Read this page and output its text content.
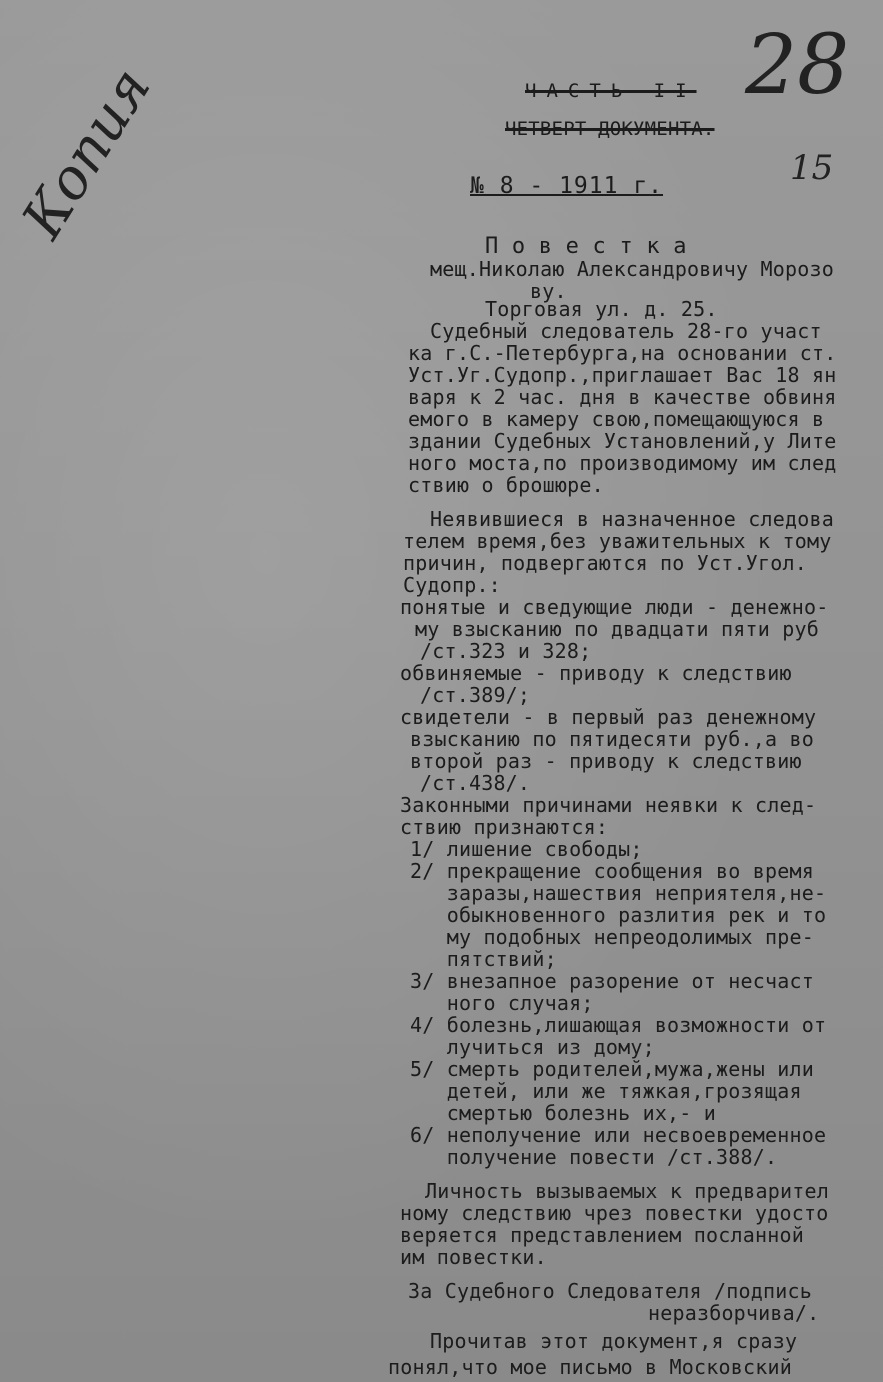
Копия	28
15
ЧАСТЬ II
ЧЕТВЕРТ ДОКУМЕНТА.
№ 8 - 1911 г.
П о в е с т к а
мещ.Николаю Александровичу Морозо
ву.
Торговая ул. д. 25.
Судебный следователь 28-го участ
ка г.С.-Петербурга,на основании ст.
Уст.Уг.Судопр.,приглашает Вас 18 ян
варя к 2 час. дня в качестве обвиня
емого в камеру свою,помещающуюся в
здании Судебных Установлений,у Лите
ного моста,по производимому им след
ствию о брошюре.
Неявившиеся в назначенное следова
телем время,без уважительных к тому
причин, подвергаются по Уст.Угол.
Судопр.:
понятые и сведующие люди - денежно-
му взысканию по двадцати пяти руб
/ст.323 и 328;
обвиняемые - приводу к следствию
/ст.389/;
свидетели - в первый раз денежному
взысканию по пятидесяти руб.,а во
второй раз - приводу к следствию
/ст.438/.
Законными причинами неявки к след-
ствию признаются:
1/ лишение свободы;
2/ прекращение сообщения во время
заразы,нашествия неприятеля,не-
обыкновенного разлития рек и то
му подобных непреодолимых пре-
пятствий;
3/ внезапное разорение от несчаст
ного случая;
4/ болезнь,лишающая возможности от
лучиться из дому;
5/ смерть родителей,мужа,жены или
детей, или же тяжкая,грозящая
смертью болезнь их,- и
6/ неполучение или несвоевременное
получение повести /ст.388/.
Личность вызываемых к предварител
ному следствию чрез повестки удосто
веряется представлением посланной
им повестки.
За Судебного Следователя /подпись
неразборчива/.
Прочитав этот документ,я сразу
понял,что мое письмо в Московский
